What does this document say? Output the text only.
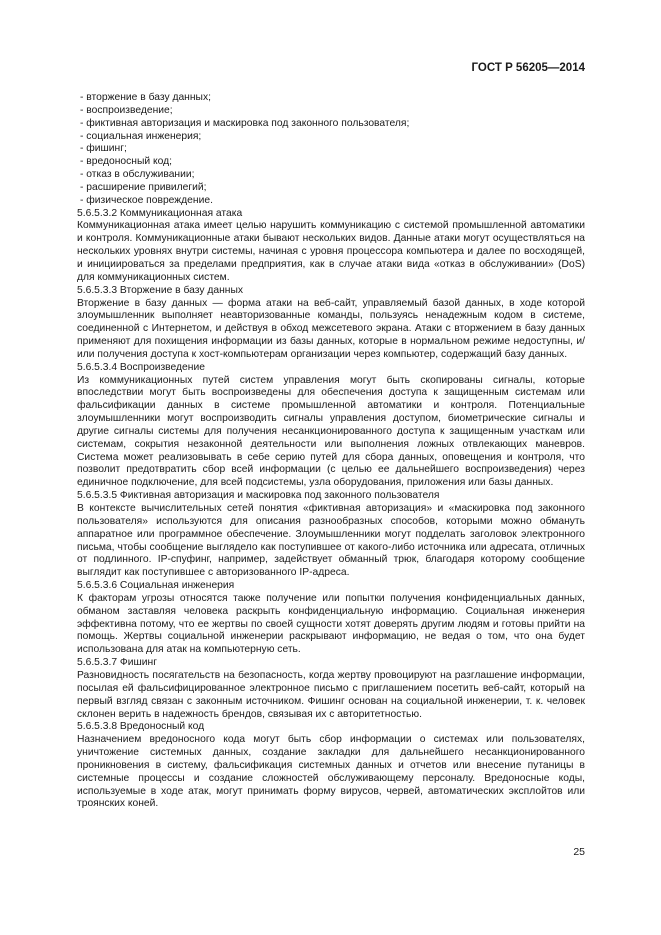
ГОСТ Р 56205—2014
- вторжение в базу данных;
- воспроизведение;
- фиктивная авторизация и маскировка под законного пользователя;
- социальная инженерия;
- фишинг;
- вредоносный код;
- отказ в обслуживании;
- расширение привилегий;
- физическое повреждение.

5.6.5.3.2 Коммуникационная атака

Коммуникационная атака имеет целью нарушить коммуникацию с системой промышленной автоматики и контроля. Коммуникационные атаки бывают нескольких видов. Данные атаки могут осуществляться на нескольких уровнях внутри системы, начиная с уровня процессора компьютера и далее по восходящей, и инициироваться за пределами предприятия, как в случае атаки вида «отказ в обслуживании» (DoS) для коммуникационных систем.

5.6.5.3.3 Вторжение в базу данных

Вторжение в базу данных — форма атаки на веб-сайт, управляемый базой данных, в ходе которой злоумышленник выполняет неавторизованные команды, пользуясь ненадежным кодом в системе, соединенной с Интернетом, и действуя в обход межсетевого экрана. Атаки с вторжением в базу данных применяют для похищения информации из базы данных, которые в нормальном режиме недоступны, и/или получения доступа к хост-компьютерам организации через компьютер, содержащий базу данных.

5.6.5.3.4 Воспроизведение

Из коммуникационных путей систем управления могут быть скопированы сигналы, которые впоследствии могут быть воспроизведены для обеспечения доступа к защищенным системам или фальсификации данных в системе промышленной автоматики и контроля. Потенциальные злоумышленники могут воспроизводить сигналы управления доступом, биометрические сигналы и другие сигналы системы для получения несанкционированного доступа к защищенным участкам или системам, сокрытия незаконной деятельности или выполнения ложных отвлекающих маневров. Система может реализовывать в себе серию путей для сбора данных, оповещения и контроля, что позволит предотвратить сбор всей информации (с целью ее дальнейшего воспроизведения) через единичное подключение, для всей подсистемы, узла оборудования, приложения или базы данных.

5.6.5.3.5 Фиктивная авторизация и маскировка под законного пользователя

В контексте вычислительных сетей понятия «фиктивная авторизация» и «маскировка под законного пользователя» используются для описания разнообразных способов, которыми можно обмануть аппаратное или программное обеспечение. Злоумышленники могут подделать заголовок электронного письма, чтобы сообщение выглядело как поступившее от какого-либо источника или адресата, отличных от подлинного. IP-спуфинг, например, задействует обманный трюк, благодаря которому сообщение выглядит как поступившее с авторизованного IP-адреса.

5.6.5.3.6 Социальная инженерия

К факторам угрозы относятся также получение или попытки получения конфиденциальных данных, обманом заставляя человека раскрыть конфиденциальную информацию. Социальная инженерия эффективна потому, что ее жертвы по своей сущности хотят доверять другим людям и готовы прийти на помощь. Жертвы социальной инженерии раскрывают информацию, не ведая о том, что она будет использована для атак на компьютерную сеть.

5.6.5.3.7 Фишинг

Разновидность посягательств на безопасность, когда жертву провоцируют на разглашение информации, посылая ей фальсифицированное электронное письмо с приглашением посетить веб-сайт, который на первый взгляд связан с законным источником. Фишинг основан на социальной инженерии, т. к. человек склонен верить в надежность брендов, связывая их с авторитетностью.

5.6.5.3.8 Вредоносный код

Назначением вредоносного кода могут быть сбор информации о системах или пользователях, уничтожение системных данных, создание закладки для дальнейшего несанкционированного проникновения в систему, фальсификация системных данных и отчетов или внесение путаницы в системные процессы и создание сложностей обслуживающему персоналу. Вредоносные коды, используемые в ходе атак, могут принимать форму вирусов, червей, автоматических эксплойтов или троянских коней.

25
